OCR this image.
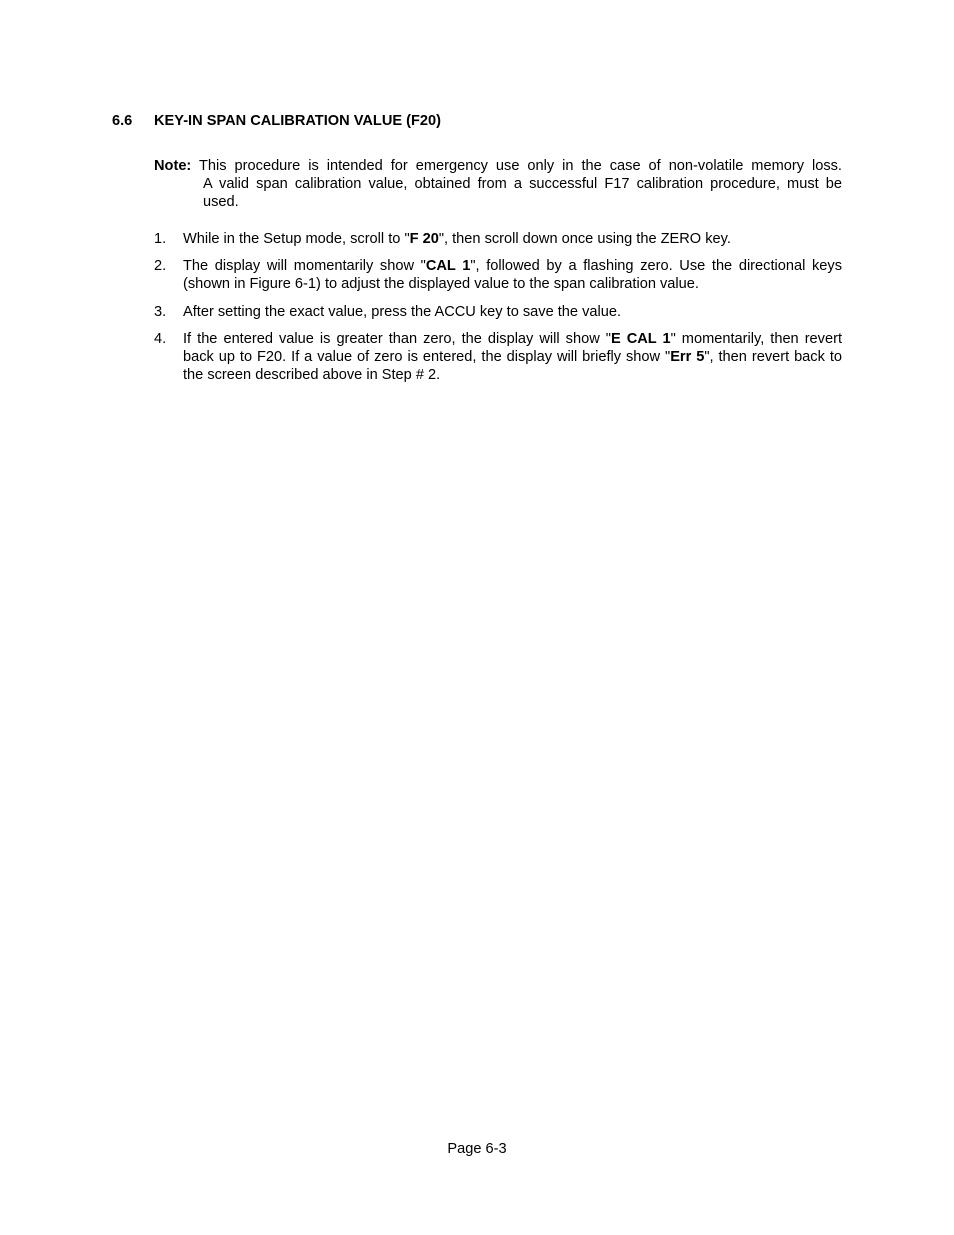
6.6 KEY-IN SPAN CALIBRATION VALUE (F20)
Note: This procedure is intended for emergency use only in the case of non-volatile memory loss.
A valid span calibration value, obtained from a successful F17 calibration procedure, must be used.
1. While in the Setup mode, scroll to "F 20", then scroll down once using the ZERO key.
2. The display will momentarily show "CAL 1", followed by a flashing zero. Use the directional keys (shown in Figure 6-1) to adjust the displayed value to the span calibration value.
3. After setting the exact value, press the ACCU key to save the value.
4. If the entered value is greater than zero, the display will show "E CAL 1" momentarily, then revert back up to F20. If a value of zero is entered, the display will briefly show "Err 5", then revert back to the screen described above in Step # 2.
Page 6-3
